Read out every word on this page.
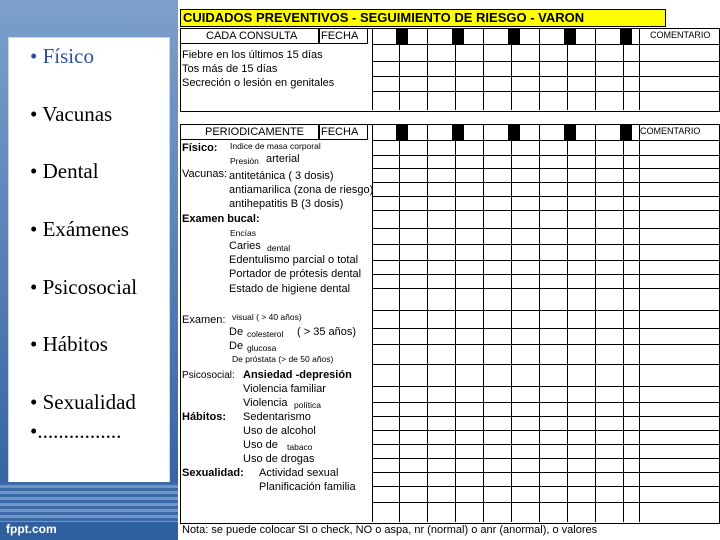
fppt.com
• Físico
• Vacunas
• Dental
• Exámenes
• Psicosocial
• Hábitos
• Sexualidad
•................
CUIDADOS PREVENTIVOS - SEGUIMIENTO DE RIESGO - VARON
CADA CONSULTA FECHA	COMENTARIO
Fiebre en los últimos 15 días
Tos más de 15 días
Secreción o lesión en genitales
PERIODICAMENTE FECHA	COMENTARIO
Físico: Indice de masa corporal
Presión arterial
Vacunas: antitetánica ( 3 dosis)
antiamarilica (zona de riesgo)
antihepatitis B (3 dosis)
Examen bucal:
Encías
Caries dental
Edentulismo parcial o total
Portador de prótesis dental
Estado de higiene dental
Examen: visual ( > 40 años)
De colesterol ( > 35 años)
De glucosa
De próstata (> de 50 años)
Psicosocial: Ansiedad -depresión
Violencia familiar
Violencia política
Hábitos: Sedentarismo
Uso de alcohol
Uso de tabaco
Uso de drogas
Sexualidad: Actividad sexual
Planificación familia
Nota: se puede colocar SI o check, NO o aspa, nr (normal) o anr (anormal), o valores
